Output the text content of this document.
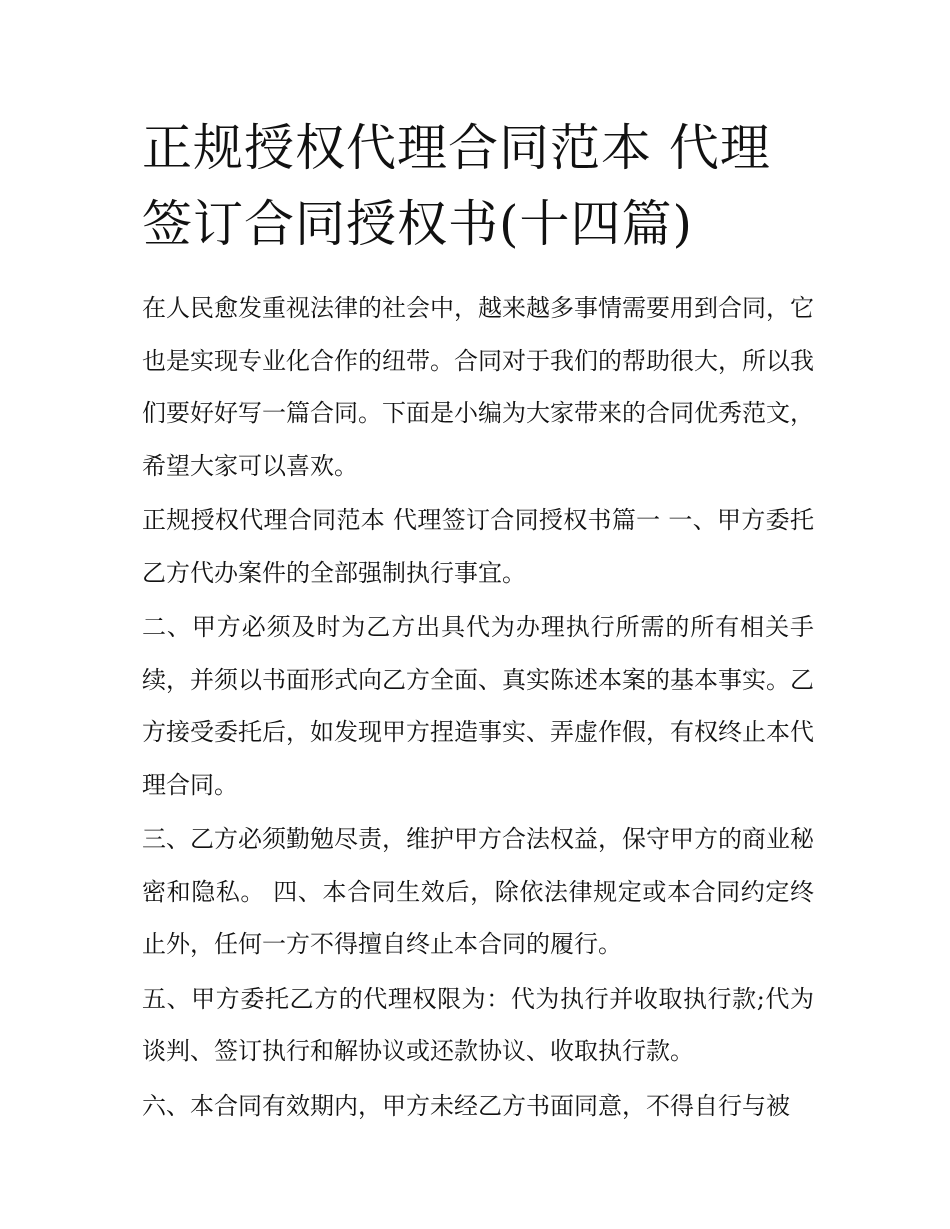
正规授权代理合同范本 代理签订合同授权书(十四篇)

在人民愈发重视法律的社会中，越来越多事情需要用到合同，它也是实现专业化合作的纽带。合同对于我们的帮助很大，所以我们要好好写一篇合同。下面是小编为大家带来的合同优秀范文，希望大家可以喜欢。

正规授权代理合同范本 代理签订合同授权书篇一 一、甲方委托乙方代办案件的全部强制执行事宜。

二、甲方必须及时为乙方出具代为办理执行所需的所有相关手续，并须以书面形式向乙方全面、真实陈述本案的基本事实。乙方接受委托后，如发现甲方捏造事实、弄虚作假，有权终止本代理合同。

三、乙方必须勤勉尽责，维护甲方合法权益，保守甲方的商业秘密和隐私。 四、本合同生效后，除依法律规定或本合同约定终止外，任何一方不得擅自终止本合同的履行。

五、甲方委托乙方的代理权限为：代为执行并收取执行款;代为谈判、签订执行和解协议或还款协议、收取执行款。

六、本合同有效期内，甲方未经乙方书面同意，不得自行与被
